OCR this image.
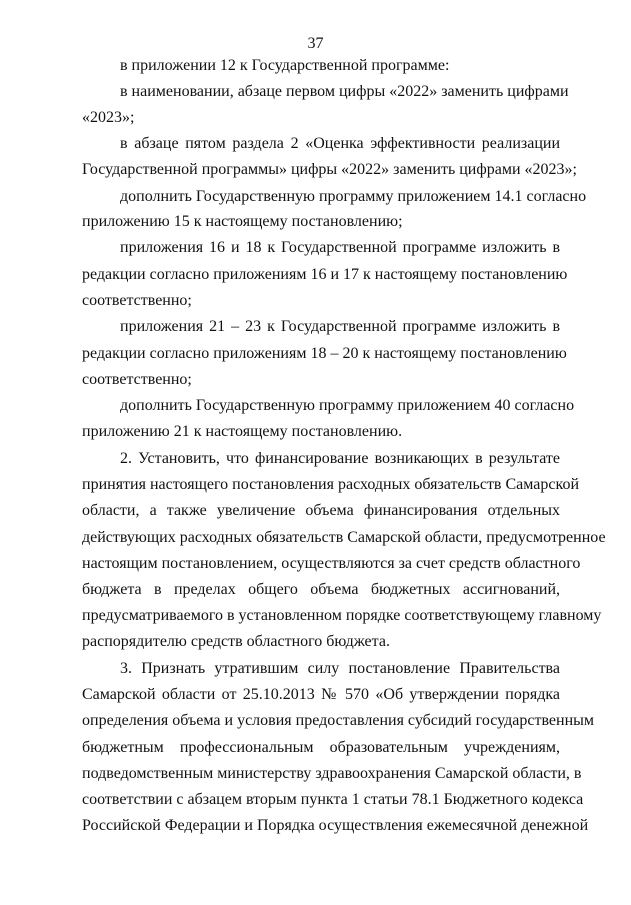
37
в приложении 12 к Государственной программе:
в наименовании, абзаце первом цифры «2022» заменить цифрами
«2023»;
в абзаце пятом раздела 2 «Оценка эффективности реализации
Государственной программы» цифры «2022» заменить цифрами «2023»;
дополнить Государственную программу приложением 14.1 согласно
приложению 15 к настоящему постановлению;
приложения 16 и 18 к Государственной программе изложить в
редакции согласно приложениям 16 и 17 к настоящему постановлению
соответственно;
приложения 21 – 23 к Государственной программе изложить в
редакции согласно приложениям 18 – 20 к настоящему постановлению
соответственно;
дополнить Государственную программу приложением 40 согласно
приложению 21 к настоящему постановлению.
2. Установить, что финансирование возникающих в результате
принятия настоящего постановления расходных обязательств Самарской
области, а также увеличение объема финансирования отдельных
действующих расходных обязательств Самарской области, предусмотренное
настоящим постановлением, осуществляются за счет средств областного
бюджета в пределах общего объема бюджетных ассигнований,
предусматриваемого в установленном порядке соответствующему главному
распорядителю средств областного бюджета.
3. Признать утратившим силу постановление Правительства
Самарской области от 25.10.2013 № 570 «Об утверждении порядка
определения объема и условия предоставления субсидий государственным
бюджетным профессиональным образовательным учреждениям,
подведомственным министерству здравоохранения Самарской области, в
соответствии с абзацем вторым пункта 1 статьи 78.1 Бюджетного кодекса
Российской Федерации и Порядка осуществления ежемесячной денежной
